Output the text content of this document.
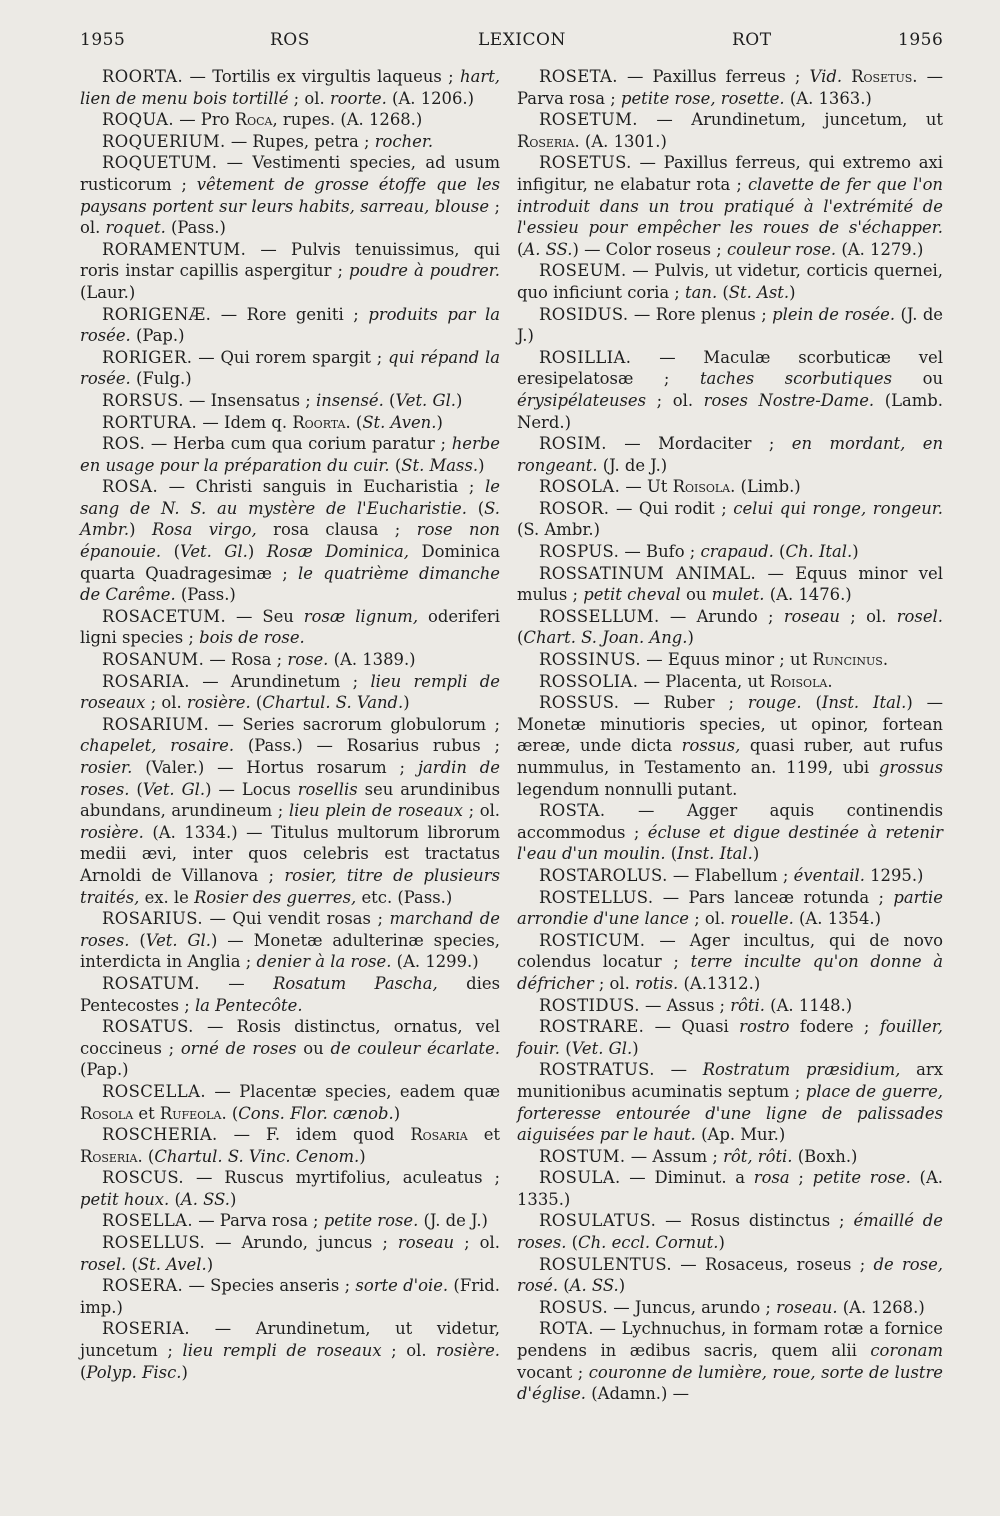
1955	ROS	LEXICON	ROT	1956

ROORTA. — Tortilis ex virgultis laqueus ; hart, lien de menu bois tortillé ; ol. roorte. (A. 1206.)

ROQUA. — Pro Roca, rupes. (A. 1268.)

ROQUERIUM. — Rupes, petra ; rocher.

ROQUETUM. — Vestimenti species, ad usum rusticorum ; vêtement de grosse étoffe que les paysans portent sur leurs habits, sarreau, blouse ; ol. roquet. (Pass.)

RORAMENTUM. — Pulvis tenuissimus, qui roris instar capillis aspergitur ; poudre à poudrer. (Laur.)

RORIGENÆ. — Rore geniti ; produits par la rosée. (Pap.)

RORIGER. — Qui rorem spargit ; qui répand la rosée. (Fulg.)

RORSUS. — Insensatus ; insensé. (Vet. Gl.)

RORTURA. — Idem q. Roorta. (St. Aven.)

ROS. — Herba cum qua corium paratur ; herbe en usage pour la préparation du cuir. (St. Mass.)

ROSA. — Christi sanguis in Eucharistia ; le sang de N. S. au mystère de l'Eucharistie. (S. Ambr.) Rosa virgo, rosa clausa ; rose non épanouie. (Vet. Gl.) Rosæ Dominica, Dominica quarta Quadragesimæ ; le quatrième dimanche de Carême. (Pass.)

ROSACETUM. — Seu rosæ lignum, oderiferi ligni species ; bois de rose.

ROSANUM. — Rosa ; rose. (A. 1389.)

ROSARIA. — Arundinetum ; lieu rempli de roseaux ; ol. rosière. (Chartul. S. Vand.)

ROSARIUM. — Series sacrorum globulorum ; chapelet, rosaire. (Pass.) — Rosarius rubus ; rosier. (Valer.) — Hortus rosarum ; jardin de roses. (Vet. Gl.) — Locus rosellis seu arundinibus abundans, arundineum ; lieu plein de roseaux ; ol. rosière. (A. 1334.) — Titulus multorum librorum medii ævi, inter quos celebris est tractatus Arnoldi de Villanova ; rosier, titre de plusieurs traités, ex. le Rosier des guerres, etc. (Pass.)

ROSARIUS. — Qui vendit rosas ; marchand de roses. (Vet. Gl.) — Monetæ adulterinæ species, interdicta in Anglia ; denier à la rose. (A. 1299.)

ROSATUM. — Rosatum Pascha, dies Pentecostes ; la Pentecôte.

ROSATUS. — Rosis distinctus, ornatus, vel coccineus ; orné de roses ou de couleur écarlate. (Pap.)

ROSCELLA. — Placentæ species, eadem quæ Rosola et Rufeola. (Cons. Flor. cænob.)

ROSCHERIA. — F. idem quod Rosaria et Roseria. (Chartul. S. Vinc. Cenom.)

ROSCUS. — Ruscus myrtifolius, aculeatus ; petit houx. (A. SS.)

ROSELLA. — Parva rosa ; petite rose. (J. de J.)

ROSELLUS. — Arundo, juncus ; roseau ; ol. rosel. (St. Avel.)

ROSERA. — Species anseris ; sorte d'oie. (Frid. imp.)

ROSERIA. — Arundinetum, ut videtur, juncetum ; lieu rempli de roseaux ; ol. rosière. (Polyp. Fisc.)

ROSETA. — Paxillus ferreus ; Vid. Rosetus. — Parva rosa ; petite rose, rosette. (A. 1363.)

ROSETUM. — Arundinetum, juncetum, ut Roseria. (A. 1301.)

ROSETUS. — Paxillus ferreus, qui extremo axi infigitur, ne elabatur rota ; clavette de fer que l'on introduit dans un trou pratiqué à l'extrémité de l'essieu pour empêcher les roues de s'échapper. (A. SS.) — Color roseus ; couleur rose. (A. 1279.)

ROSEUM. — Pulvis, ut videtur, corticis quernei, quo inficiunt coria ; tan. (St. Ast.)

ROSIDUS. — Rore plenus ; plein de rosée. (J. de J.)

ROSILLIA. — Maculæ scorbuticæ vel eresipelatosæ ; taches scorbutiques ou érysipélateuses ; ol. roses Nostre-Dame. (Lamb. Nerd.)

ROSIM. — Mordaciter ; en mordant, en rongeant. (J. de J.)

ROSOLA. — Ut Roisola. (Limb.)

ROSOR. — Qui rodit ; celui qui ronge, rongeur. (S. Ambr.)

ROSPUS. — Bufo ; crapaud. (Ch. Ital.)

ROSSATINUM ANIMAL. — Equus minor vel mulus ; petit cheval ou mulet. (A. 1476.)

ROSSELLUM. — Arundo ; roseau ; ol. rosel. (Chart. S. Joan. Ang.)

ROSSINUS. — Equus minor ; ut Runcinus.

ROSSOLIA. — Placenta, ut Roisola.

ROSSUS. — Ruber ; rouge. (Inst. Ital.) — Monetæ minutioris species, ut opinor, fortean æreæ, unde dicta rossus, quasi ruber, aut rufus nummulus, in Testamento an. 1199, ubi grossus legendum nonnulli putant.

ROSTA. — Agger aquis continendis accommodus ; écluse et digue destinée à retenir l'eau d'un moulin. (Inst. Ital.)

ROSTAROLUS. — Flabellum ; éventail. 1295.)

ROSTELLUS. — Pars lanceæ rotunda ; partie arrondie d'une lance ; ol. rouelle. (A. 1354.)

ROSTICUM. — Ager incultus, qui de novo colendus locatur ; terre inculte qu'on donne à défricher ; ol. rotis. (A.1312.)

ROSTIDUS. — Assus ; rôti. (A. 1148.)

ROSTRARE. — Quasi rostro fodere ; fouiller, fouir. (Vet. Gl.)

ROSTRATUS. — Rostratum præsidium, arx munitionibus acuminatis septum ; place de guerre, forteresse entourée d'une ligne de palissades aiguisées par le haut. (Ap. Mur.)

ROSTUM. — Assum ; rôt, rôti. (Boxh.)

ROSULA. — Diminut. a rosa ; petite rose. (A. 1335.)

ROSULATUS. — Rosus distinctus ; émaillé de roses. (Ch. eccl. Cornut.)

ROSULENTUS. — Rosaceus, roseus ; de rose, rosé. (A. SS.)

ROSUS. — Juncus, arundo ; roseau. (A. 1268.)

ROTA. — Lychnuchus, in formam rotæ a fornice pendens in ædibus sacris, quem alii coronam vocant ; couronne de lumière, roue, sorte de lustre d'église. (Adamn.) —
